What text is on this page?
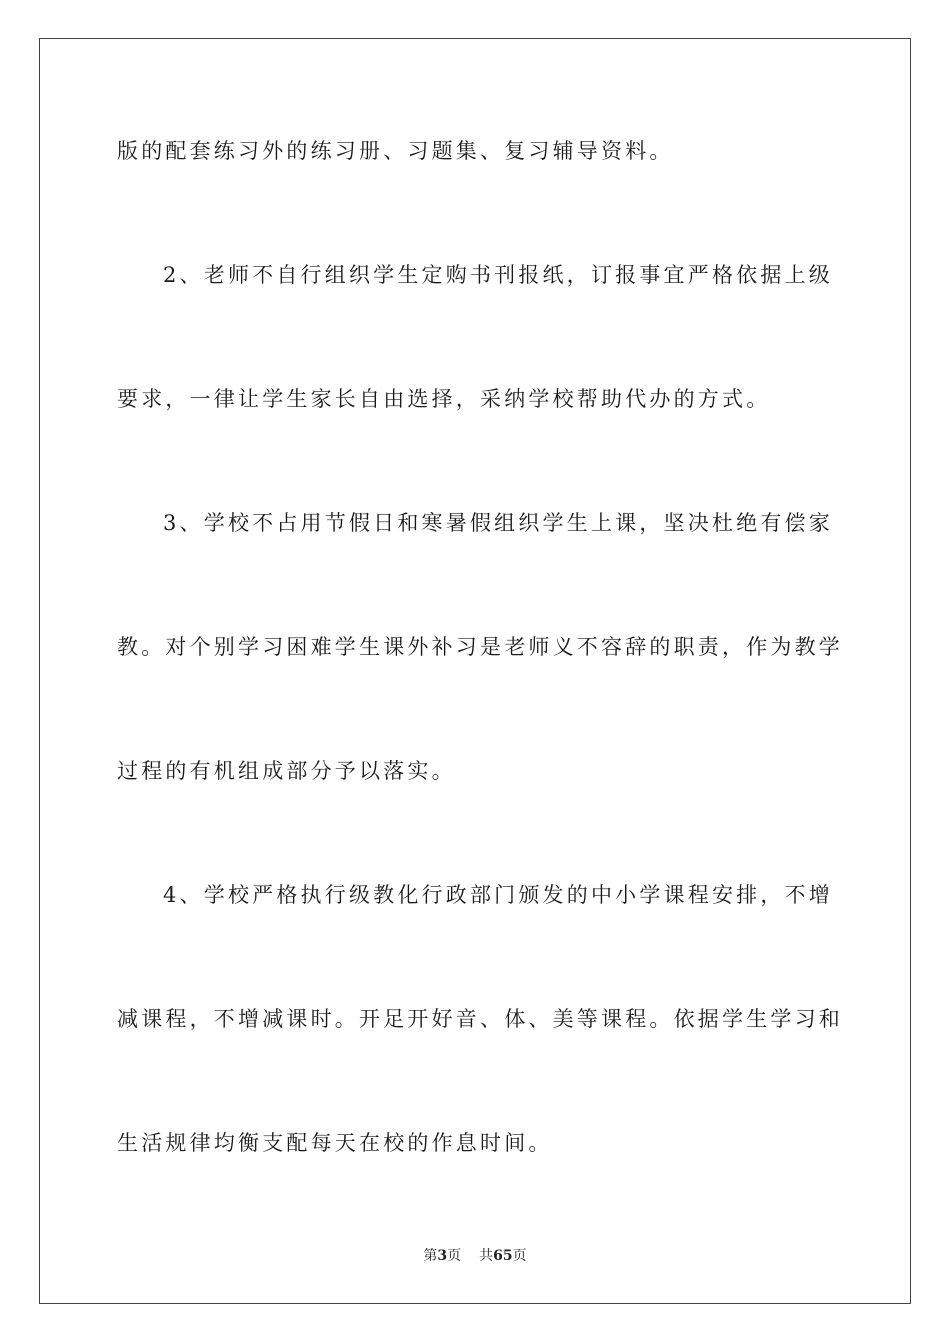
版的配套练习外的练习册、习题集、复习辅导资料。
2、老师不自行组织学生定购书刊报纸，订报事宜严格依据上级
要求，一律让学生家长自由选择，采纳学校帮助代办的方式。
3、学校不占用节假日和寒暑假组织学生上课，坚决杜绝有偿家
教。对个别学习困难学生课外补习是老师义不容辞的职责，作为教学
过程的有机组成部分予以落实。
4、学校严格执行级教化行政部门颁发的中小学课程安排，不增
减课程，不增减课时。开足开好音、体、美等课程。依据学生学习和
生活规律均衡支配每天在校的作息时间。
第3页 共65页
